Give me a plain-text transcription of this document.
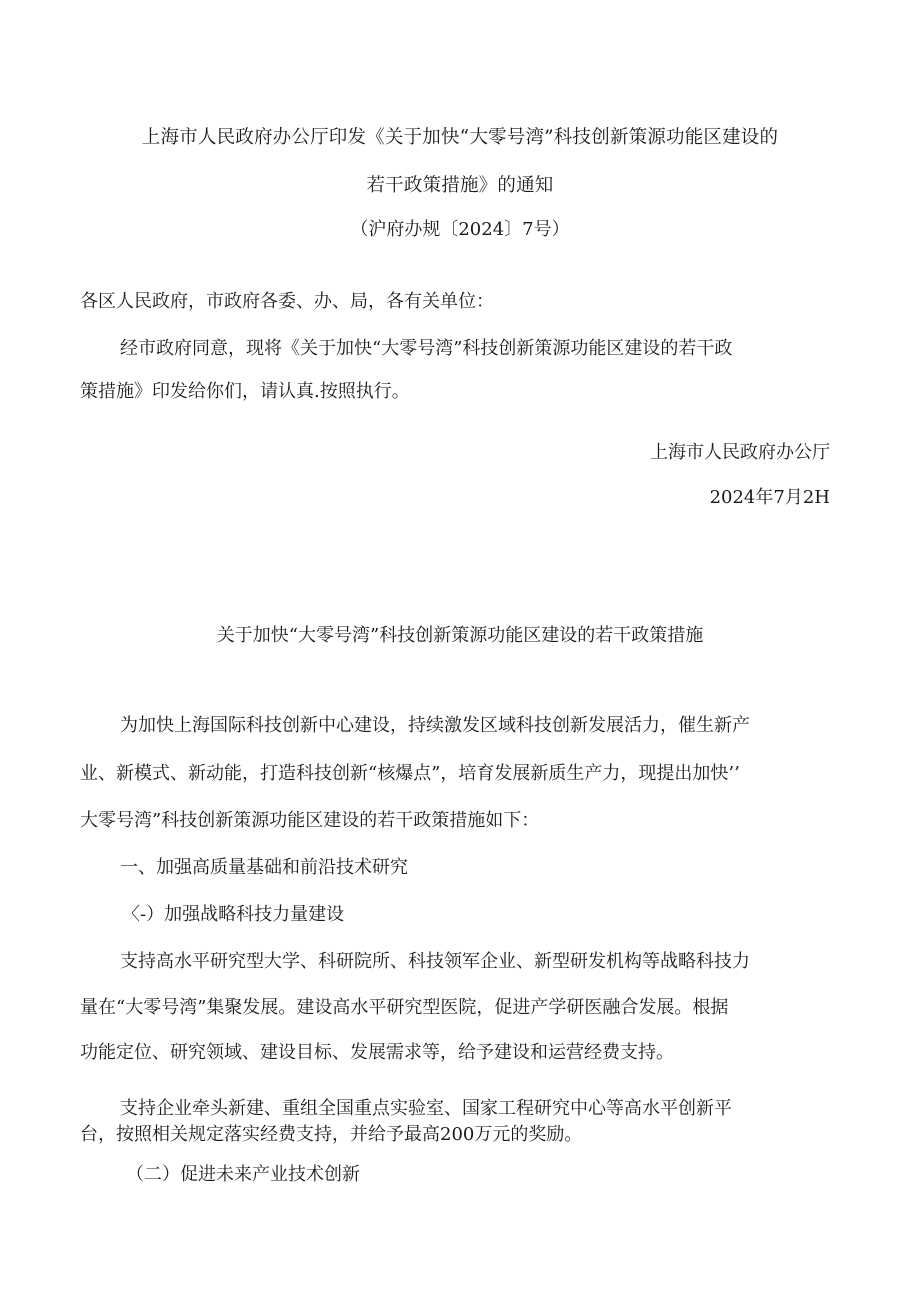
上海市人民政府办公厅印发《关于加快“大零号湾”科技创新策源功能区建设的
若干政策措施》的通知
（沪府办规〔2024〕7号）
各区人民政府，市政府各委、办、局，各有关单位：
经市政府同意，现将《关于加快“大零号湾”科技创新策源功能区建设的若干政
策措施》印发给你们，请认真.按照执行。
上海市人民政府办公厅
2024年7月2H
关于加快“大零号湾”科技创新策源功能区建设的若干政策措施
为加快上海国际科技创新中心建设，持续激发区域科技创新发展活力，催生新产
业、新模式、新动能，打造科技创新“核爆点”，培育发展新质生产力，现提出加快’’
大零号湾”科技创新策源功能区建设的若干政策措施如下：
一、加强高质量基础和前沿技术研究
〈-）加强战略科技力量建设
支持高水平研究型大学、科研院所、科技领军企业、新型研发机构等战略科技力
量在“大零号湾”集聚发展。建设高水平研究型医院，促进产学研医融合发展。根据
功能定位、研究领域、建设目标、发展需求等，给予建设和运营经费支持。
支持企业牵头新建、重组全国重点实验室、国家工程研究中心等高水平创新平
台，按照相关规定落实经费支持，并给予最高200万元的奖励。
（二）促进未来产业技术创新
